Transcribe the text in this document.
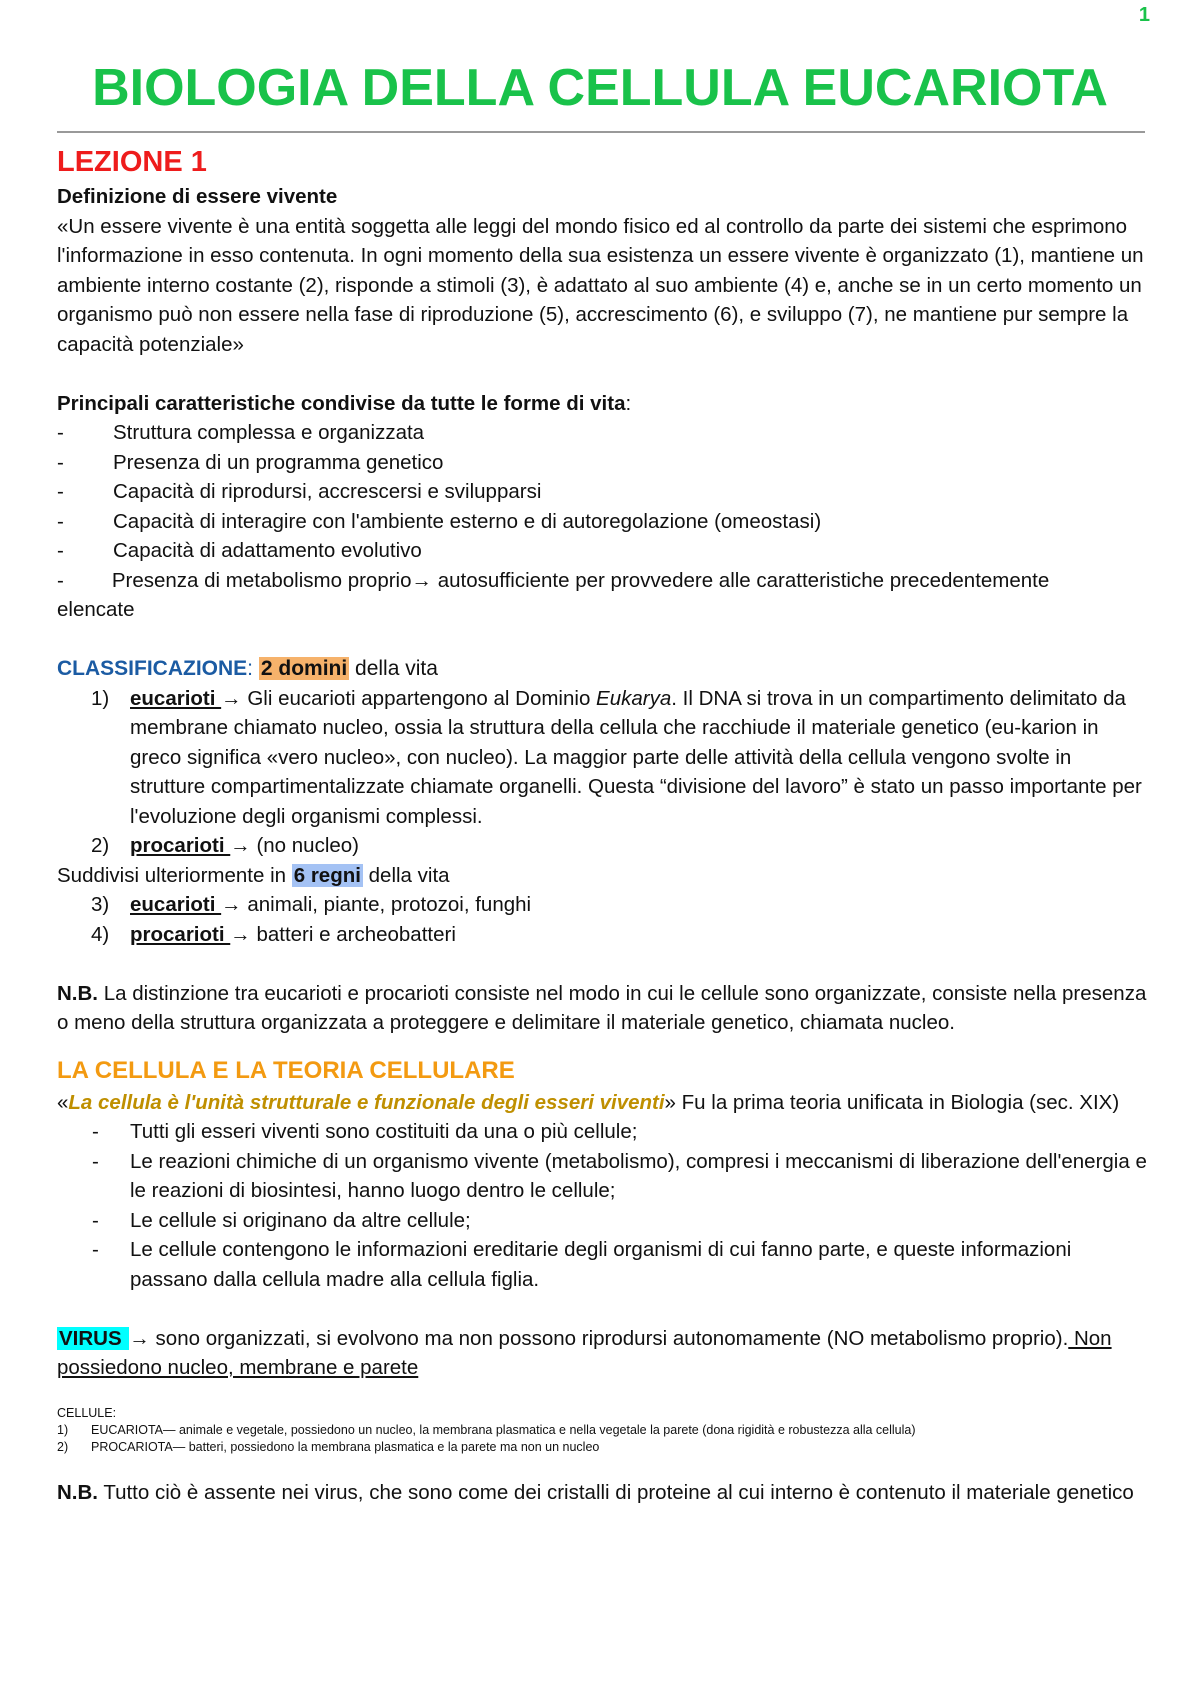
1
BIOLOGIA DELLA CELLULA EUCARIOTA
LEZIONE 1

Definizione di essere vivente

«Un essere vivente è una entità soggetta alle leggi del mondo fisico ed al controllo da parte dei sistemi che esprimono l'informazione in esso contenuta. In ogni momento della sua esistenza un essere vivente è organizzato (1), mantiene un ambiente interno costante (2), risponde a stimoli (3), è adattato al suo ambiente (4) e, anche se in un certo momento un organismo può non essere nella fase di riproduzione (5), accrescimento (6), e sviluppo (7), ne mantiene pur sempre la capacità potenziale»

Principali caratteristiche condivise da tutte le forme di vita:

- Struttura complessa e organizzata
- Presenza di un programma genetico
- Capacità di riprodursi, accrescersi e svilupparsi
- Capacità di interagire con l'ambiente esterno e di autoregolazione (omeostasi)
- Capacità di adattamento evolutivo

- Presenza di metabolismo proprio→ autosufficiente per provvedere alle caratteristiche precedentemente

elencate

CLASSIFICAZIONE: 2 domini della vita

1) eucarioti → Gli eucarioti appartengono al Dominio Eukarya. Il DNA si trova in un compartimento delimitato da membrane chiamato nucleo, ossia la struttura della cellula che racchiude il materiale genetico (eu-karion in greco significa «vero nucleo», con nucleo). La maggior parte delle attività della cellula vengono svolte in strutture compartimentalizzate chiamate organelli. Questa “divisione del lavoro” è stato un passo importante per l'evoluzione degli organismi complessi.
2) procarioti → (no nucleo)

Suddivisi ulteriormente in 6 regni della vita

3) eucarioti → animali, piante, protozoi, funghi
4) procarioti → batteri e archeobatteri

N.B. La distinzione tra eucarioti e procarioti consiste nel modo in cui le cellule sono organizzate, consiste nella presenza o meno della struttura organizzata a proteggere e delimitare il materiale genetico, chiamata nucleo.

LA CELLULA E LA TEORIA CELLULARE

«La cellula è l'unità strutturale e funzionale degli esseri viventi» Fu la prima teoria unificata in Biologia (sec. XIX)

- Tutti gli esseri viventi sono costituiti da una o più cellule;
- Le reazioni chimiche di un organismo vivente (metabolismo), compresi i meccanismi di liberazione dell'energia e le reazioni di biosintesi, hanno luogo dentro le cellule;
- Le cellule si originano da altre cellule;
- Le cellule contengono le informazioni ereditarie degli organismi di cui fanno parte, e queste informazioni passano dalla cellula madre alla cellula figlia.

VIRUS → sono organizzati, si evolvono ma non possono riprodursi autonomamente (NO metabolismo proprio). Non possiedono nucleo, membrane e parete

CELLULE:

1) EUCARIOTA— animale e vegetale, possiedono un nucleo, la membrana plasmatica e nella vegetale la parete (dona rigidità e robustezza alla cellula)
2) PROCARIOTA— batteri, possiedono la membrana plasmatica e la parete ma non un nucleo

N.B. Tutto ciò è assente nei virus, che sono come dei cristalli di proteine al cui interno è contenuto il materiale genetico
